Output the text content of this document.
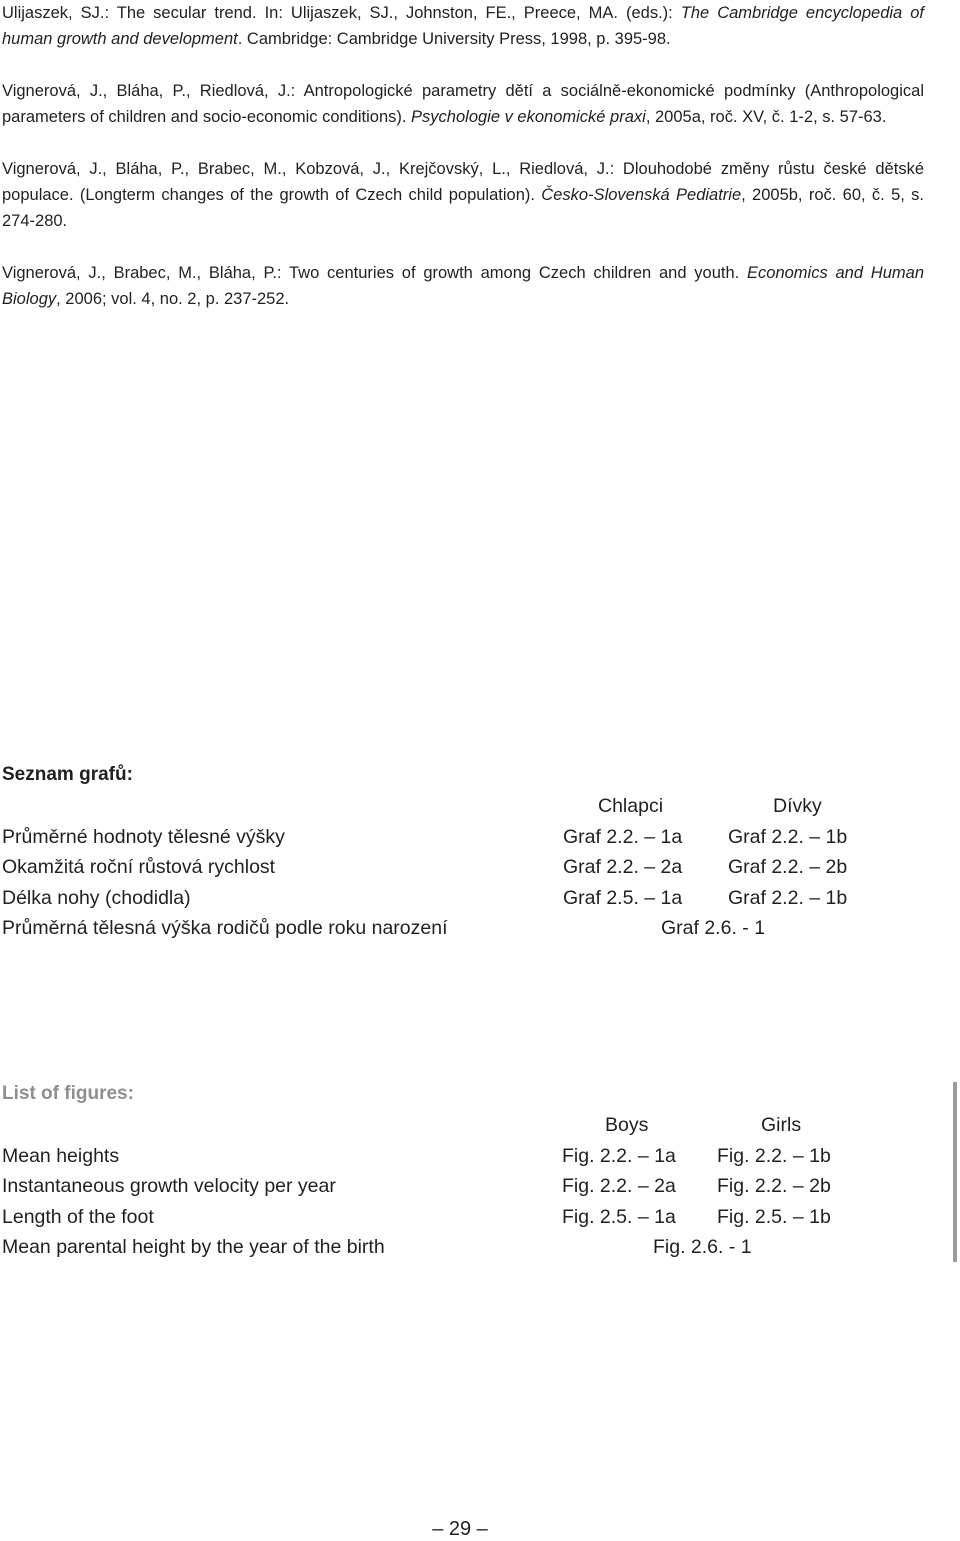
Ulijaszek, SJ.: The secular trend. In: Ulijaszek, SJ., Johnston, FE., Preece, MA. (eds.): The Cambridge encyclopedia of human growth and development. Cambridge: Cambridge University Press, 1998, p. 395-98.

Vignerová, J., Bláha, P., Riedlová, J.: Antropologické parametry dětí a sociálně-ekonomické podmínky (Anthropological parameters of children and socio-economic conditions). Psychologie v ekonomické praxi, 2005a, roč. XV, č. 1-2, s. 57-63.

Vignerová, J., Bláha, P., Brabec, M., Kobzová, J., Krejčovský, L., Riedlová, J.: Dlouhodobé změny růstu české dětské populace. (Longterm changes of the growth of Czech child population). Česko-Slovenská Pediatrie, 2005b, roč. 60, č. 5, s. 274-280.

Vignerová, J., Brabec, M., Bláha, P.: Two centuries of growth among Czech children and youth. Economics and Human Biology, 2006; vol. 4, no. 2, p. 237-252.

Seznam grafů:
Chlapci	Dívky
Průměrné hodnoty tělesné výšky	Graf 2.2. – 1a Graf 2.2. – 1b
Okamžitá roční růstová rychlost	Graf 2.2. – 2a Graf 2.2. – 2b
Délka nohy (chodidla)	Graf 2.5. – 1a Graf 2.2. – 1b
Průměrná tělesná výška rodičů podle roku narození	Graf 2.6. - 1
List of figures:
Boys	Girls
Mean heights	Fig. 2.2. – 1a Fig. 2.2. – 1b
Instantaneous growth velocity per year	Fig. 2.2. – 2a Fig. 2.2. – 2b
Length of the foot	Fig. 2.5. – 1a Fig. 2.5. – 1b
Mean parental height by the year of the birth	Fig. 2.6. - 1
– 29 –
